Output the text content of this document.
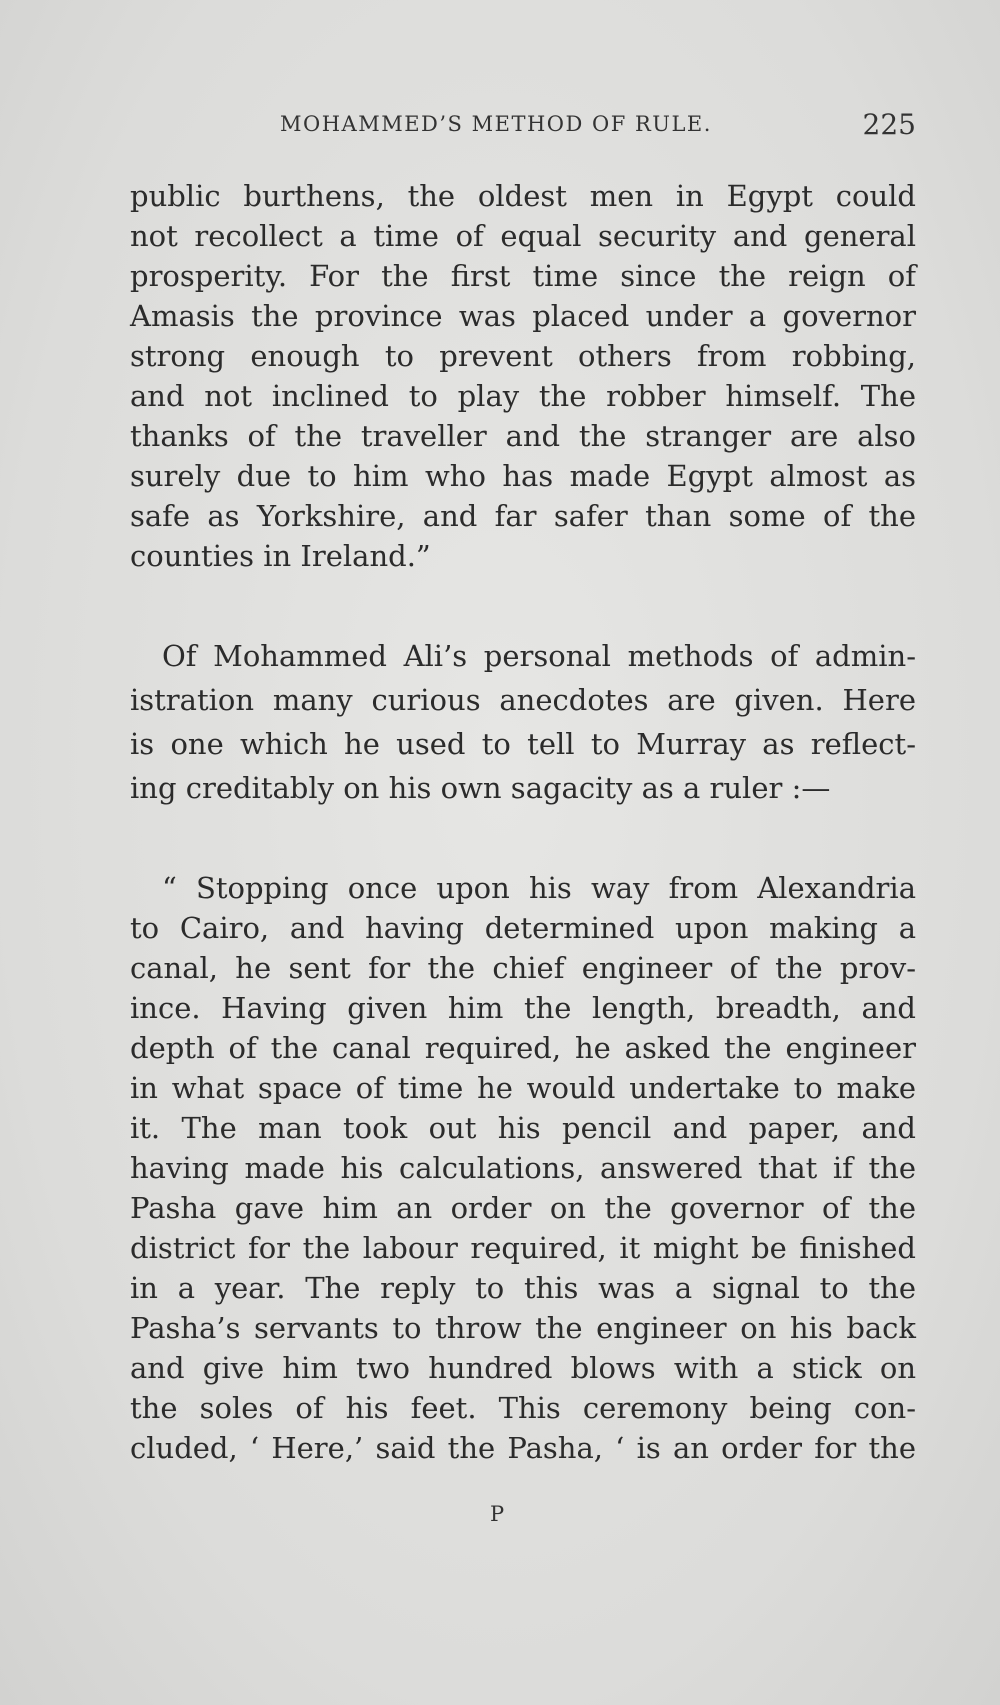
MOHAMMED’S METHOD OF RULE.	225
public burthens, the oldest men in Egypt could
not recollect a time of equal security and general
prosperity. For the first time since the reign of
Amasis the province was placed under a governor
strong enough to prevent others from robbing,
and not inclined to play the robber himself. The
thanks of the traveller and the stranger are also
surely due to him who has made Egypt almost as
safe as Yorkshire, and far safer than some of the
counties in Ireland.”
Of Mohammed Ali’s personal methods of admin-
istration many curious anecdotes are given. Here
is one which he used to tell to Murray as reflect-
ing creditably on his own sagacity as a ruler :—
“ Stopping once upon his way from Alexandria
to Cairo, and having determined upon making a
canal, he sent for the chief engineer of the prov-
ince. Having given him the length, breadth, and
depth of the canal required, he asked the engineer
in what space of time he would undertake to make
it. The man took out his pencil and paper, and
having made his calculations, answered that if the
Pasha gave him an order on the governor of the
district for the labour required, it might be finished
in a year. The reply to this was a signal to the
Pasha’s servants to throw the engineer on his back
and give him two hundred blows with a stick on
the soles of his feet. This ceremony being con-
cluded, ‘ Here,’ said the Pasha, ‘ is an order for the
P
